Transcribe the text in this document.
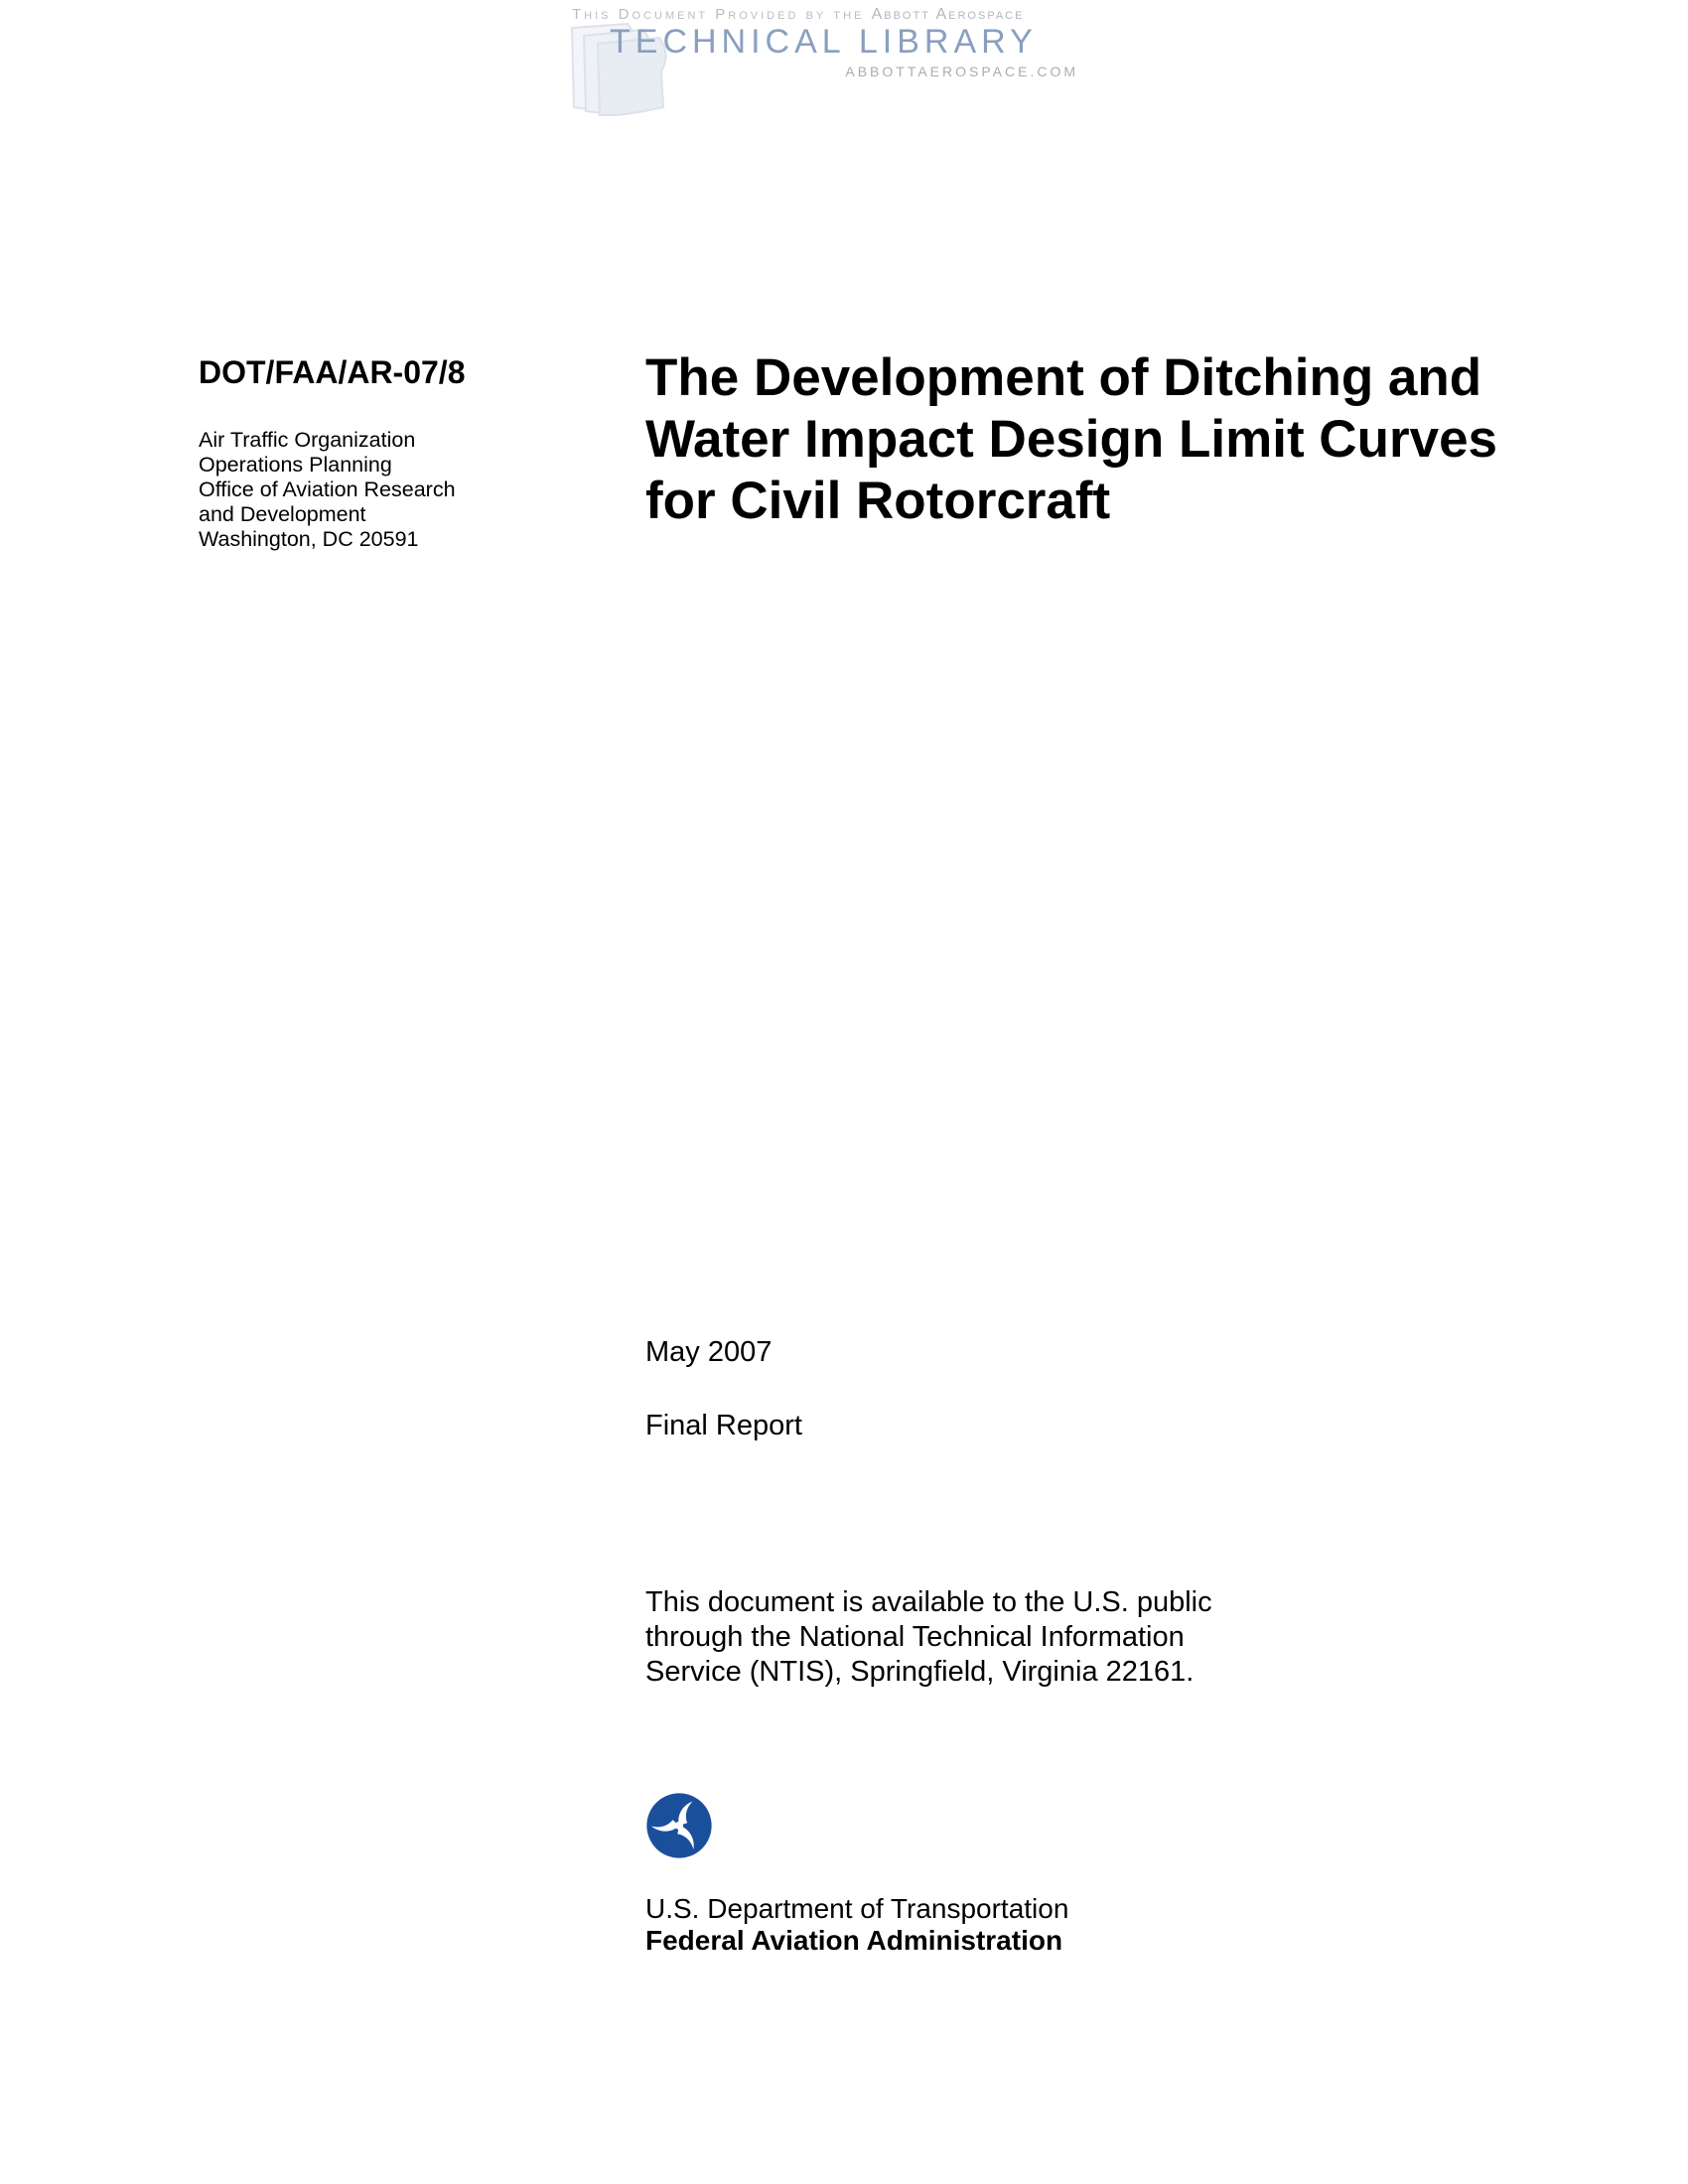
This Document Provided by the Abbott Aerospace
TECHNICAL LIBRARY
ABBOTTAEROSPACE.COM
DOT/FAA/AR-07/8
Air Traffic Organization
Operations Planning
Office of Aviation Research
and Development
Washington, DC 20591
The Development of Ditching and
Water Impact Design Limit Curves
for Civil Rotorcraft
May 2007
Final Report
This document is available to the U.S. public
through the National Technical Information
Service (NTIS), Springfield, Virginia 22161.
U.S. Department of Transportation
Federal Aviation Administration
